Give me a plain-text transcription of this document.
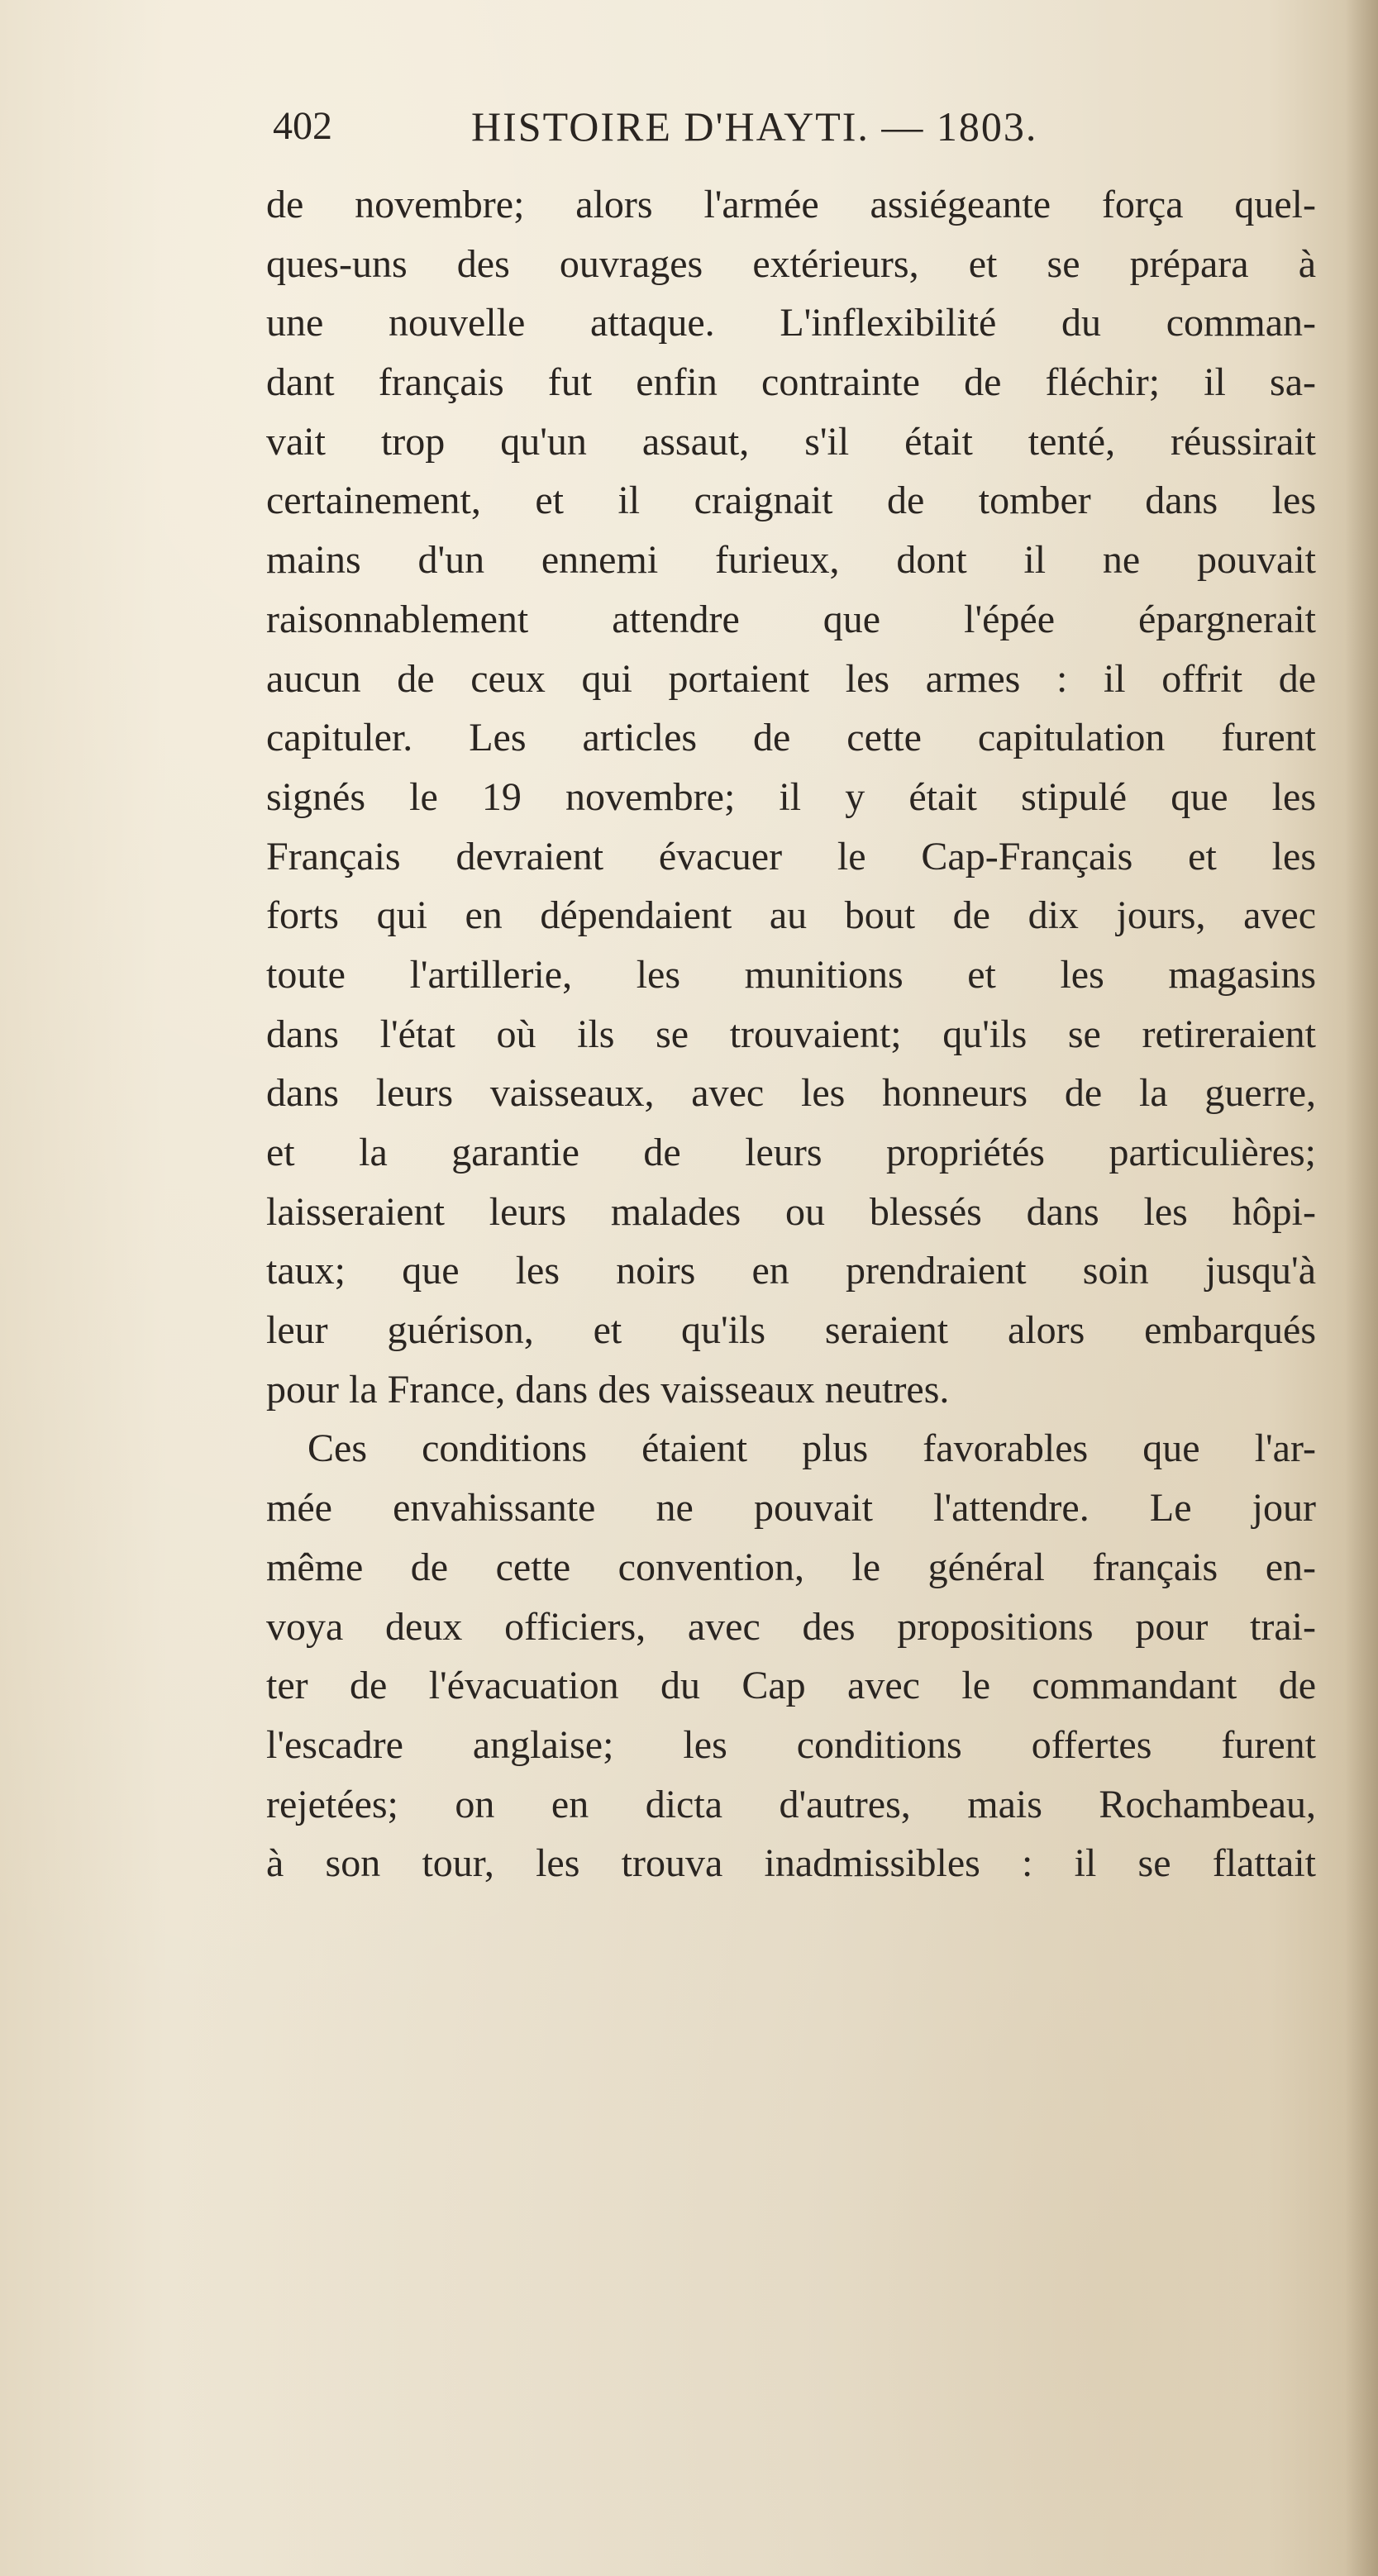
402	HISTOIRE D'HAYTI. — 1803.
de novembre; alors l'armée assiégeante força quel-
ques-uns des ouvrages extérieurs, et se prépara à
une nouvelle attaque. L'inflexibilité du comman-
dant français fut enfin contrainte de fléchir; il sa-
vait trop qu'un assaut, s'il était tenté, réussirait
certainement, et il craignait de tomber dans les
mains d'un ennemi furieux, dont il ne pouvait
raisonnablement attendre que l'épée épargnerait
aucun de ceux qui portaient les armes : il offrit de
capituler. Les articles de cette capitulation furent
signés le 19 novembre; il y était stipulé que les
Français devraient évacuer le Cap-Français et les
forts qui en dépendaient au bout de dix jours, avec
toute l'artillerie, les munitions et les magasins
dans l'état où ils se trouvaient; qu'ils se retireraient
dans leurs vaisseaux, avec les honneurs de la guerre,
et la garantie de leurs propriétés particulières;
laisseraient leurs malades ou blessés dans les hôpi-
taux; que les noirs en prendraient soin jusqu'à
leur guérison, et qu'ils seraient alors embarqués
pour la France, dans des vaisseaux neutres.
Ces conditions étaient plus favorables que l'ar-
mée envahissante ne pouvait l'attendre. Le jour
même de cette convention, le général français en-
voya deux officiers, avec des propositions pour trai-
ter de l'évacuation du Cap avec le commandant de
l'escadre anglaise; les conditions offertes furent
rejetées; on en dicta d'autres, mais Rochambeau,
à son tour, les trouva inadmissibles : il se flattait
